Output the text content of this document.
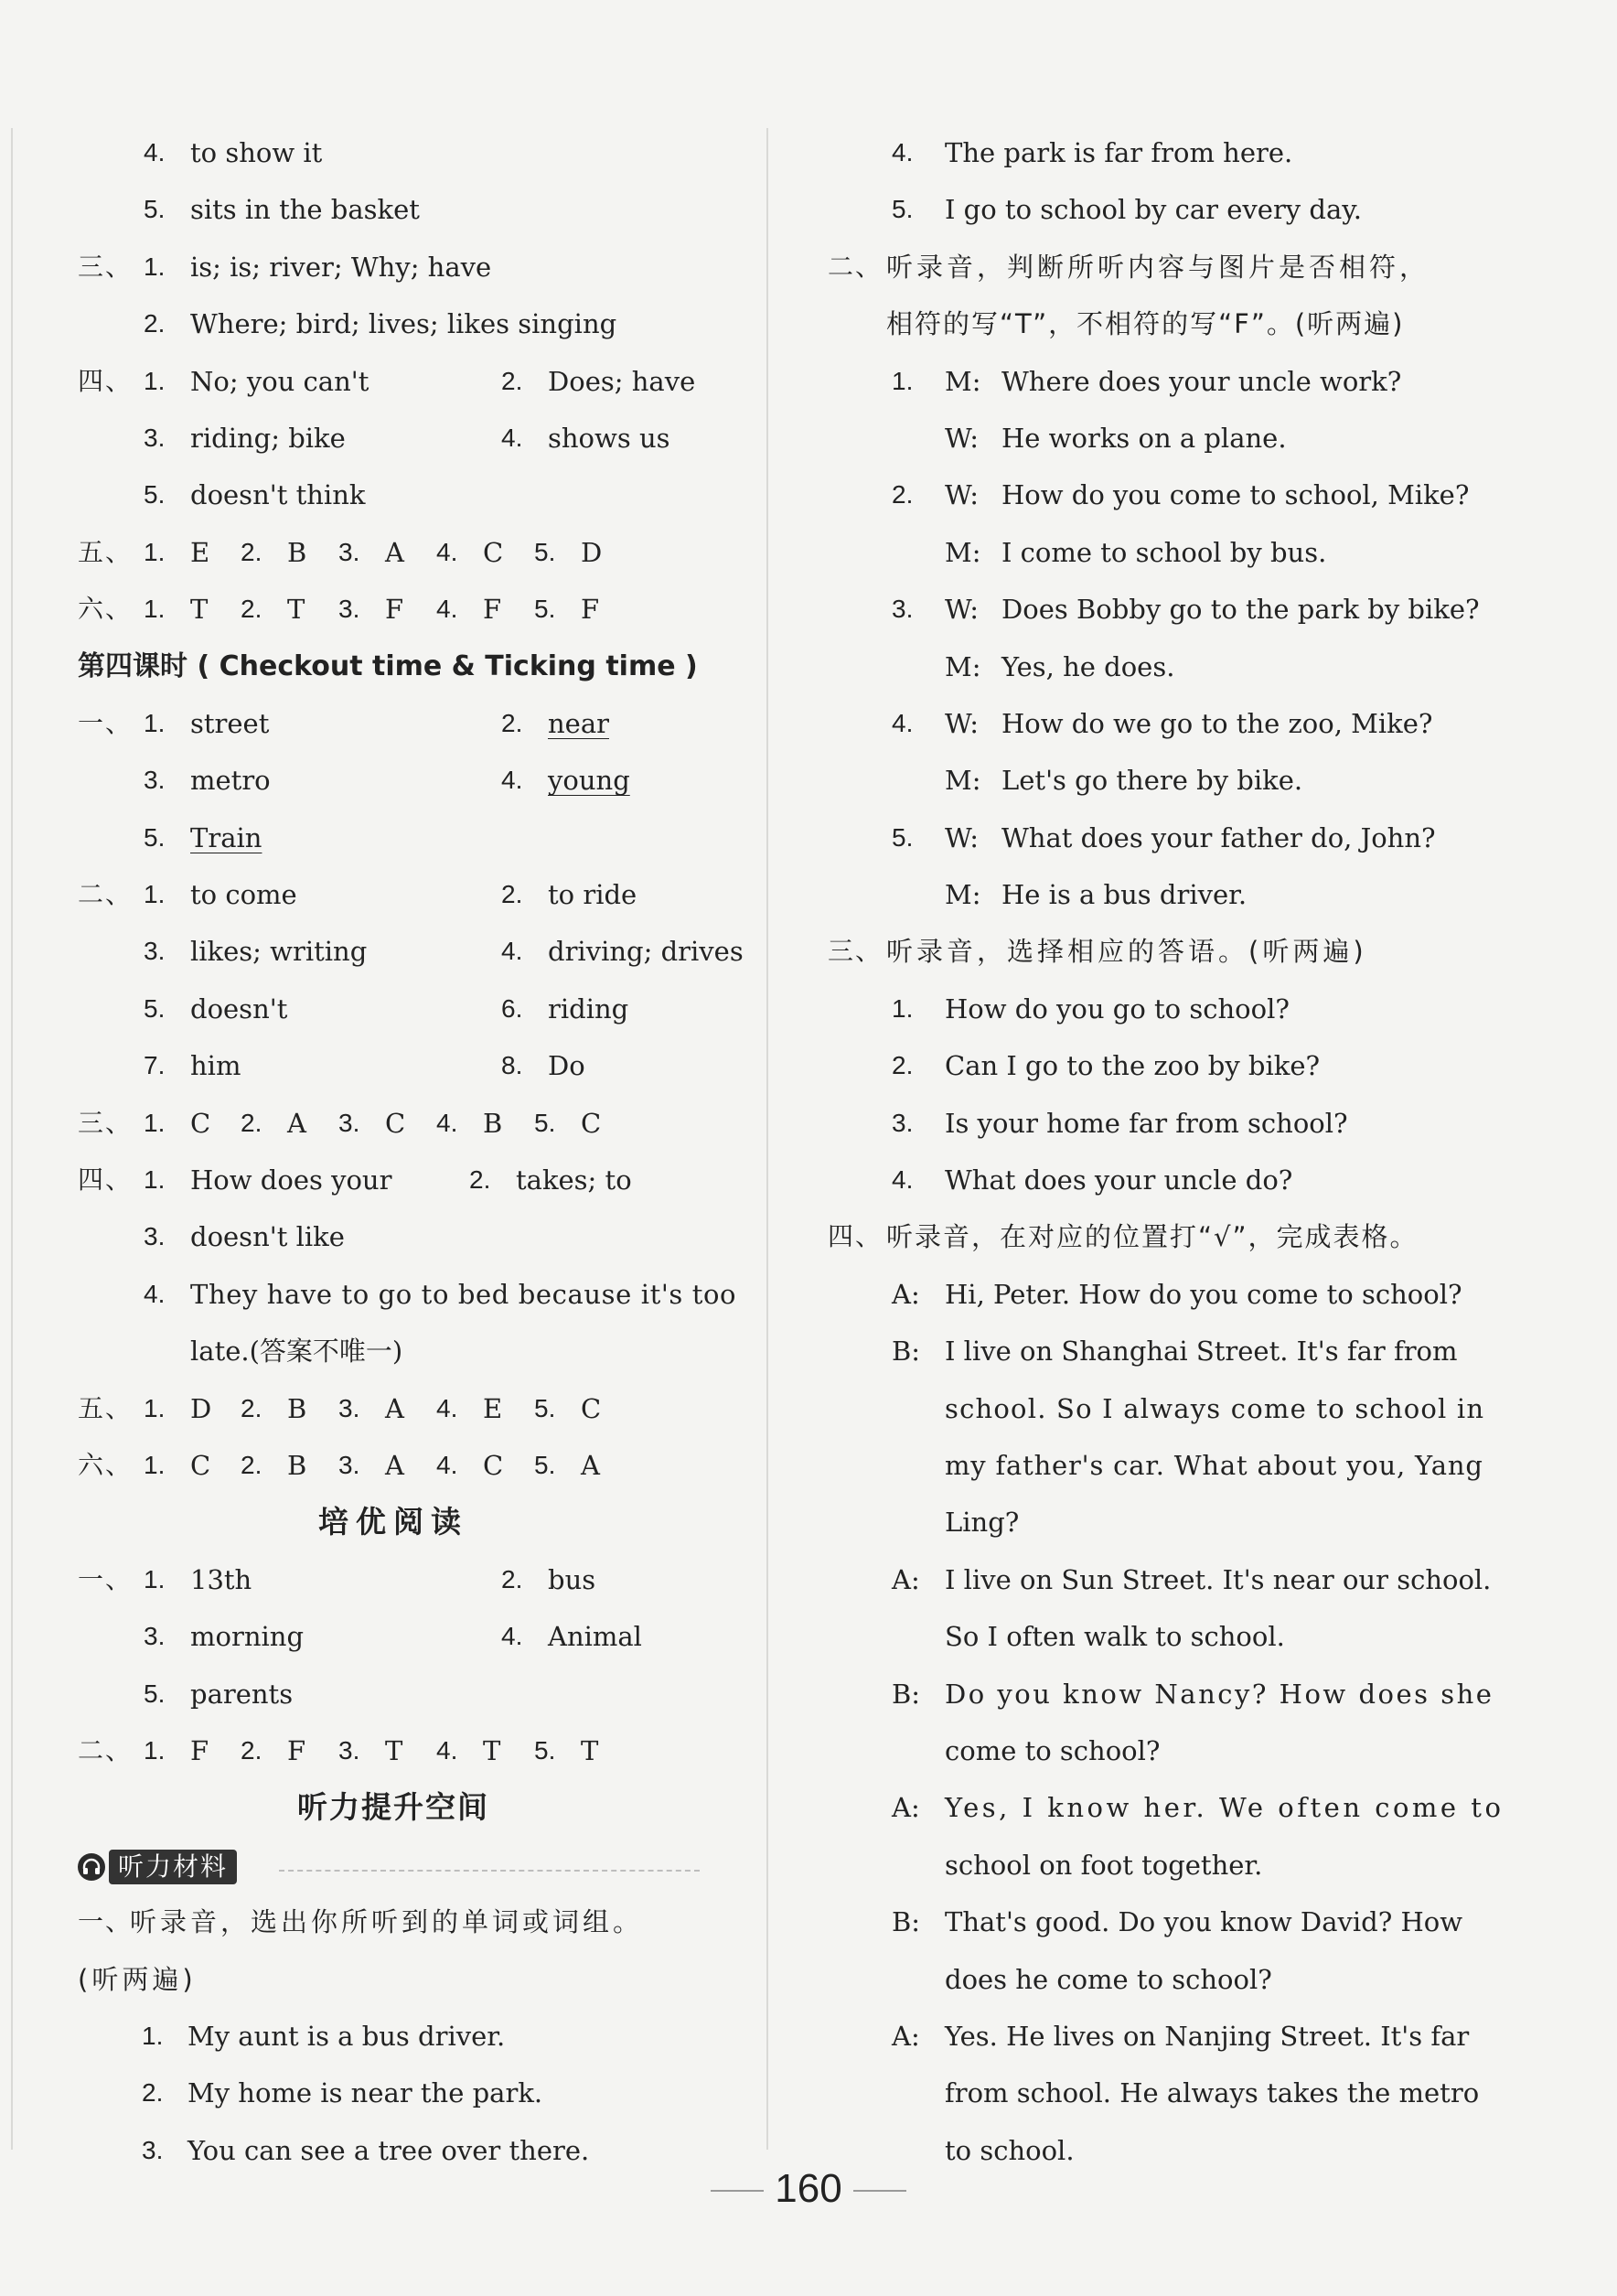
4. to show it
5. sits in the basket
三、 1. is; is; river; Why; have
2. Where; bird; lives; likes singing
四、 1. No; you can't	2. Does; have
3. riding; bike	4. shows us
5. doesn't think
五、 1. E 2. B 3. A 4. C 5. D
六、 1. T 2. T 3. F 4. F 5. F
第四课时 ( Checkout time & Ticking time )
一、 1. street	2. near
3. metro	4. young
5. Train
二、 1. to come	2. to ride
3. likes; writing	4. driving; drives
5. doesn't	6. riding
7. him	8. Do
三、 1. C 2. A 3. C 4. B 5. C
四、 1. How does your	2. takes; to
3. doesn't like
4. They have to go to bed because it's too
late.(答案不唯一)
五、 1. D 2. B 3. A 4. E 5. C
六、 1. C 2. B 3. A 4. C 5. A
培优阅读
一、 1. 13th	2. bus
3. morning	4. Animal
5. parents
二、 1. F 2. F 3. T 4. T 5. T
听力提升空间
听力材料
一、
听录音，选出你所听到的单词或词组。
(听两遍)
1. My aunt is a bus driver.
2. My home is near the park.
3. You can see a tree over there.
4. The park is far from here.
5. I go to school by car every day.
二、 听录音，判断所听内容与图片是否相符，
相符的写“T”，不相符的写“F”。(听两遍)
1. M: Where does your uncle work?
W: He works on a plane.
2. W: How do you come to school, Mike?
M: I come to school by bus.
3. W: Does Bobby go to the park by bike?
M: Yes, he does.
4. W: How do we go to the zoo, Mike?
M: Let's go there by bike.
5. W: What does your father do, John?
M: He is a bus driver.
三、 听录音，选择相应的答语。(听两遍)
1. How do you go to school?
2. Can I go to the zoo by bike?
3. Is your home far from school?
4. What does your uncle do?
四、 听录音，在对应的位置打“√”，完成表格。
A: Hi, Peter. How do you come to school?
B: I live on Shanghai Street. It's far from
school. So I always come to school in
my father's car. What about you, Yang
Ling?
A: I live on Sun Street. It's near our school.
So I often walk to school.
B: Do you know Nancy? How does she
come to school?
A: Yes, I know her. We often come to
school on foot together.
B: That's good. Do you know David? How
does he come to school?
A: Yes. He lives on Nanjing Street. It's far
from school. He always takes the metro
to school.
160
